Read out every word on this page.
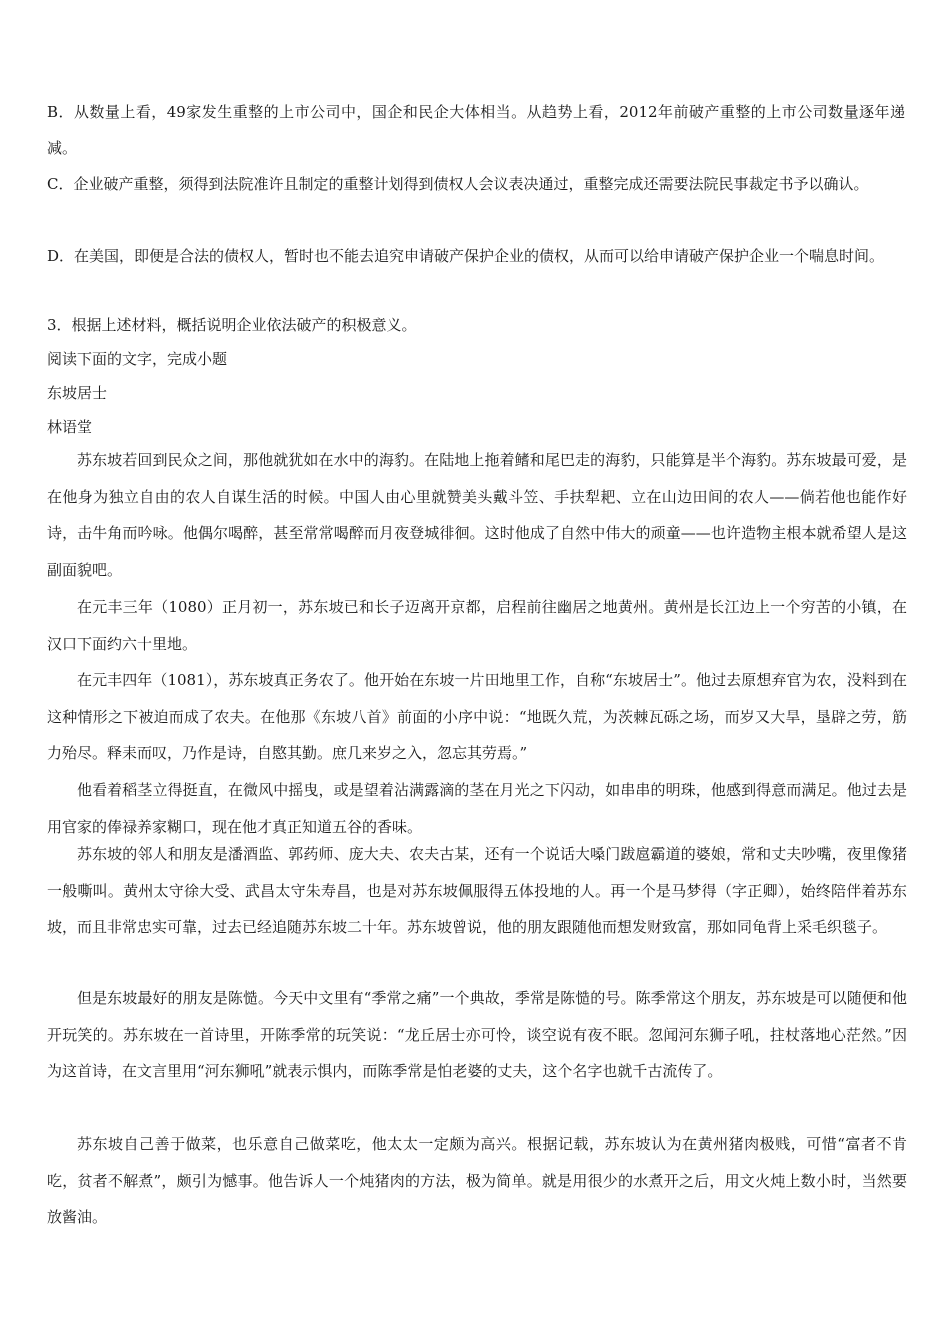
B．从数量上看，49家发生重整的上市公司中，国企和民企大体相当。从趋势上看，2012年前破产重整的上市公司数量逐年递减。

C．企业破产重整，须得到法院准许且制定的重整计划得到债权人会议表决通过，重整完成还需要法院民事裁定书予以确认。

D．在美国，即便是合法的债权人，暂时也不能去追究申请破产保护企业的债权，从而可以给申请破产保护企业一个喘息时间。

3．根据上述材料，概括说明企业依法破产的积极意义。

阅读下面的文字，完成小题

东坡居士

林语堂

苏东坡若回到民众之间，那他就犹如在水中的海豹。在陆地上拖着鳍和尾巴走的海豹，只能算是半个海豹。苏东坡最可爱，是在他身为独立自由的农人自谋生活的时候。中国人由心里就赞美头戴斗笠、手扶犁耙、立在山边田间的农人——倘若他也能作好诗，击牛角而吟咏。他偶尔喝醉，甚至常常喝醉而月夜登城徘徊。这时他成了自然中伟大的顽童——也许造物主根本就希望人是这副面貌吧。

在元丰三年（1080）正月初一，苏东坡已和长子迈离开京都，启程前往幽居之地黄州。黄州是长江边上一个穷苦的小镇，在汉口下面约六十里地。

在元丰四年（1081），苏东坡真正务农了。他开始在东坡一片田地里工作，自称“东坡居士”。他过去原想弃官为农，没料到在这种情形之下被迫而成了农夫。在他那《东坡八首》前面的小序中说：“地既久荒，为茨棘瓦砾之场，而岁又大旱，垦辟之劳，筋力殆尽。释耒而叹，乃作是诗，自愍其勤。庶几来岁之入，忽忘其劳焉。”

他看着稻茎立得挺直，在微风中摇曳，或是望着沾满露滴的茎在月光之下闪动，如串串的明珠，他感到得意而满足。他过去是用官家的俸禄养家糊口，现在他才真正知道五谷的香味。

苏东坡的邻人和朋友是潘酒监、郭药师、庞大夫、农夫古某，还有一个说话大嗓门跋扈霸道的婆娘，常和丈夫吵嘴，夜里像猪一般嘶叫。黄州太守徐大受、武昌太守朱寿昌，也是对苏东坡佩服得五体投地的人。再一个是马梦得（字正卿），始终陪伴着苏东坡，而且非常忠实可靠，过去已经追随苏东坡二十年。苏东坡曾说，他的朋友跟随他而想发财致富，那如同龟背上采毛织毯子。

但是东坡最好的朋友是陈慥。今天中文里有“季常之痛”一个典故，季常是陈慥的号。陈季常这个朋友，苏东坡是可以随便和他开玩笑的。苏东坡在一首诗里，开陈季常的玩笑说：“龙丘居士亦可怜，谈空说有夜不眠。忽闻河东狮子吼，拄杖落地心茫然。”因为这首诗，在文言里用“河东狮吼”就表示惧内，而陈季常是怕老婆的丈夫，这个名字也就千古流传了。

苏东坡自己善于做菜，也乐意自己做菜吃，他太太一定颇为高兴。根据记载，苏东坡认为在黄州猪肉极贱，可惜“富者不肯吃，贫者不解煮”，颇引为憾事。他告诉人一个炖猪肉的方法，极为简单。就是用很少的水煮开之后，用文火炖上数小时，当然要放酱油。
